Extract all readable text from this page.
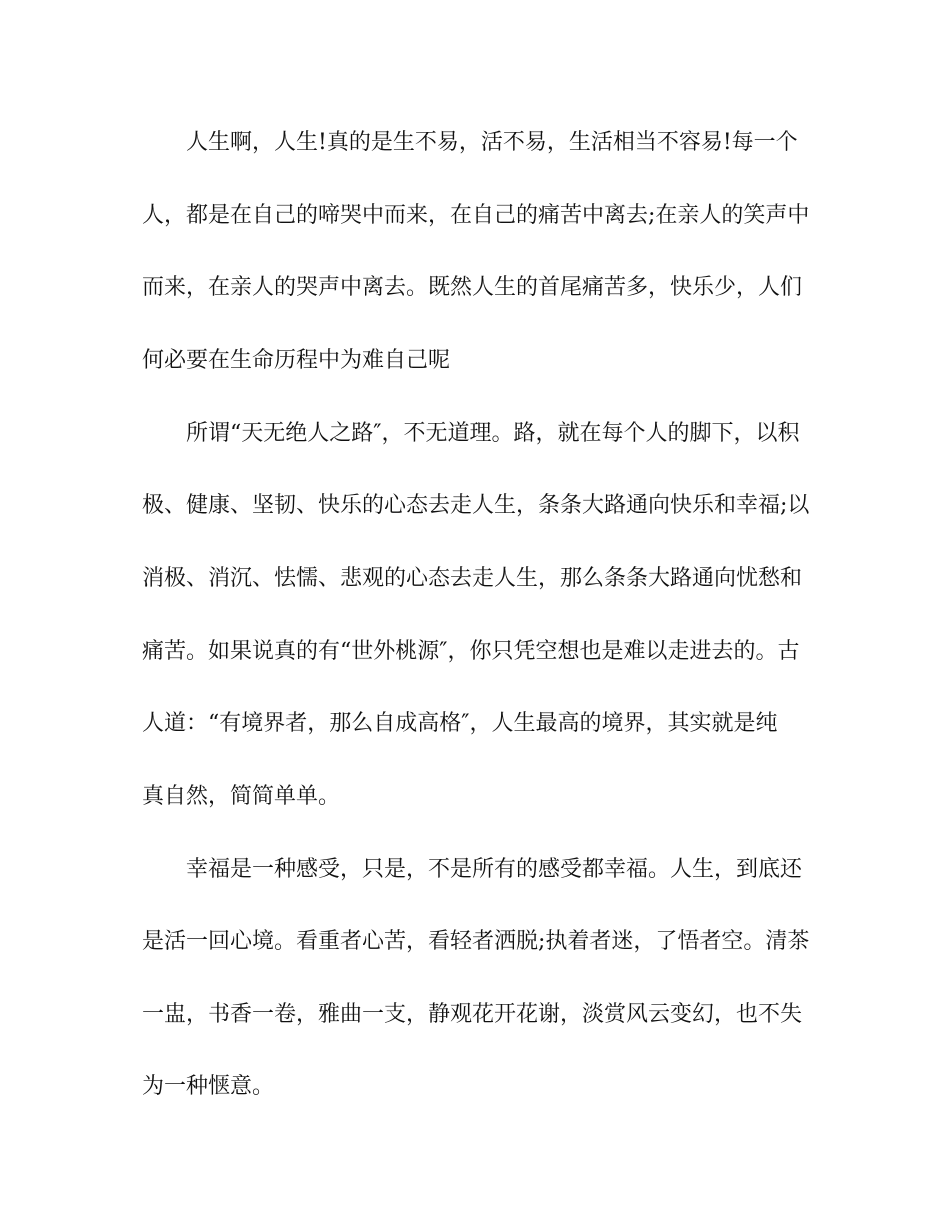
人生啊，人生!真的是生不易，活不易，生活相当不容易!每一个
人，都是在自己的啼哭中而来，在自己的痛苦中离去;在亲人的笑声中
而来，在亲人的哭声中离去。既然人生的首尾痛苦多，快乐少，人们
何必要在生命历程中为难自己呢
所谓“天无绝人之路″，不无道理。路，就在每个人的脚下，以积
极、健康、坚韧、快乐的心态去走人生，条条大路通向快乐和幸福;以
消极、消沉、怯懦、悲观的心态去走人生，那么条条大路通向忧愁和
痛苦。如果说真的有“世外桃源″，你只凭空想也是难以走进去的。古
人道：“有境界者，那么自成高格″，人生最高的境界，其实就是纯
真自然，简简单单。
幸福是一种感受，只是，不是所有的感受都幸福。人生，到底还
是活一回心境。看重者心苦，看轻者洒脱;执着者迷，了悟者空。清茶
一盅，书香一卷，雅曲一支，静观花开花谢，淡赏风云变幻，也不失
为一种惬意。
